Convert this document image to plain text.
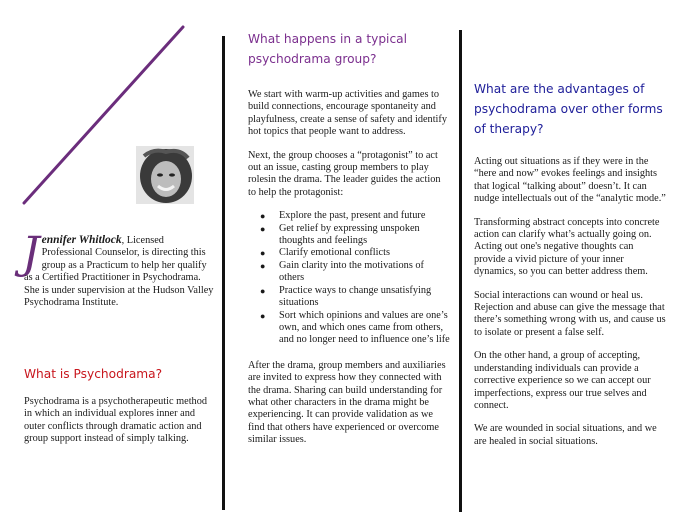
Jennifer Whitlock, Licensed Professional Counselor, is directing this group as a Practicum to help her qualify as a Certified Practitioner in Psychodrama. She is under supervision at the Hudson Valley Psychodrama Institute.
What is Psychodrama?

Psychodrama is a psychotherapeutic method in which an individual explores inner and outer conflicts through dramatic action and group support instead of simply talking.

What happens in a typical psychodrama group?

We start with warm-up activities and games to build connections, encourage spontaneity and playfulness, create a sense of safety and identify hot topics that people want to address.

Next, the group chooses a “protagonist” to act out an issue, casting group members to play rolesin the drama. The leader guides the action to help the protagonist:

● Explore the past, present and future
● Get relief by expressing unspoken thoughts and feelings
● Clarify emotional conflicts
● Gain clarity into the motivations of others
● Practice ways to change unsatisfying situations
● Sort which opinions and values are one’s own, and which ones came from others, and no longer need to influence one’s life

After the drama, group members and auxiliaries are invited to express how they connected with the drama. Sharing can build understanding for what other characters in the drama might be experiencing. It can provide validation as we find that others have experienced or overcome similar issues.

What are the advantages of psychodrama over other forms of therapy?

Acting out situations as if they were in the “here and now” evokes feelings and insights that logical “talking about” doesn’t. It can nudge intellectuals out of the “analytic mode.”

Transforming abstract concepts into concrete action can clarify what’s actually going on. Acting out one's negative thoughts can provide a vivid picture of your inner dynamics, so you can better address them.

Social interactions can wound or heal us. Rejection and abuse can give the message that there’s something wrong with us, and cause us to isolate or present a false self.

On the other hand, a group of accepting, understanding individuals can provide a corrective experience so we can accept our imperfections, express our true selves and connect.

We are wounded in social situations, and we are healed in social situations.
